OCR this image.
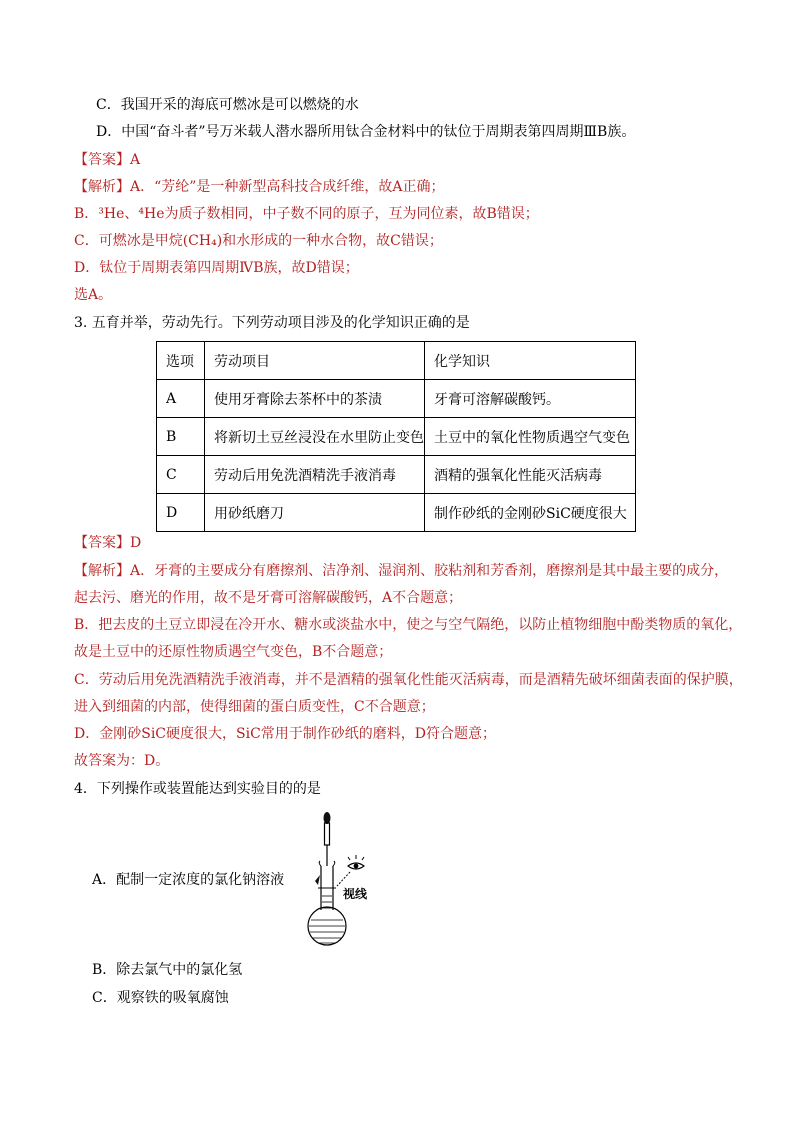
C．我国开采的海底可燃冰是可以燃烧的水
D．中国“奋斗者”号万米载人潜水器所用钛合金材料中的钛位于周期表第四周期ⅢB族。
【答案】A
【解析】A．“芳纶”是一种新型高科技合成纤维，故A正确；
B．³He、⁴He为质子数相同，中子数不同的原子，互为同位素，故B错误；
C．可燃冰是甲烷(CH₄)和水形成的一种水合物，故C错误；
D．钛位于周期表第四周期ⅣB族，故D错误；
选A。
3. 五育并举，劳动先行。下列劳动项目涉及的化学知识正确的是
选项	劳动项目	化学知识
A	使用牙膏除去茶杯中的茶渍	牙膏可溶解碳酸钙。
B	将新切土豆丝浸没在水里防止变色	土豆中的氧化性物质遇空气变色
C	劳动后用免洗酒精洗手液消毒	酒精的强氧化性能灭活病毒
D	用砂纸磨刀	制作砂纸的金刚砂SiC硬度很大
【答案】D
【解析】A．牙膏的主要成分有磨擦剂、洁净剂、湿润剂、胶粘剂和芳香剂，磨擦剂是其中最主要的成分，
起去污、磨光的作用，故不是牙膏可溶解碳酸钙，A不合题意；
B．把去皮的土豆立即浸在冷开水、糖水或淡盐水中，使之与空气隔绝，以防止植物细胞中酚类物质的氧化，
故是土豆中的还原性物质遇空气变色，B不合题意；
C．劳动后用免洗酒精洗手液消毒，并不是酒精的强氧化性能灭活病毒，而是酒精先破坏细菌表面的保护膜，
进入到细菌的内部，使得细菌的蛋白质变性，C不合题意；
D．金刚砂SiC硬度很大，SiC常用于制作砂纸的磨料，D符合题意；
故答案为：D。
4．下列操作或装置能达到实验目的的是
A．配制一定浓度的氯化钠溶液
视线
B．除去氯气中的氯化氢
C．观察铁的吸氧腐蚀
